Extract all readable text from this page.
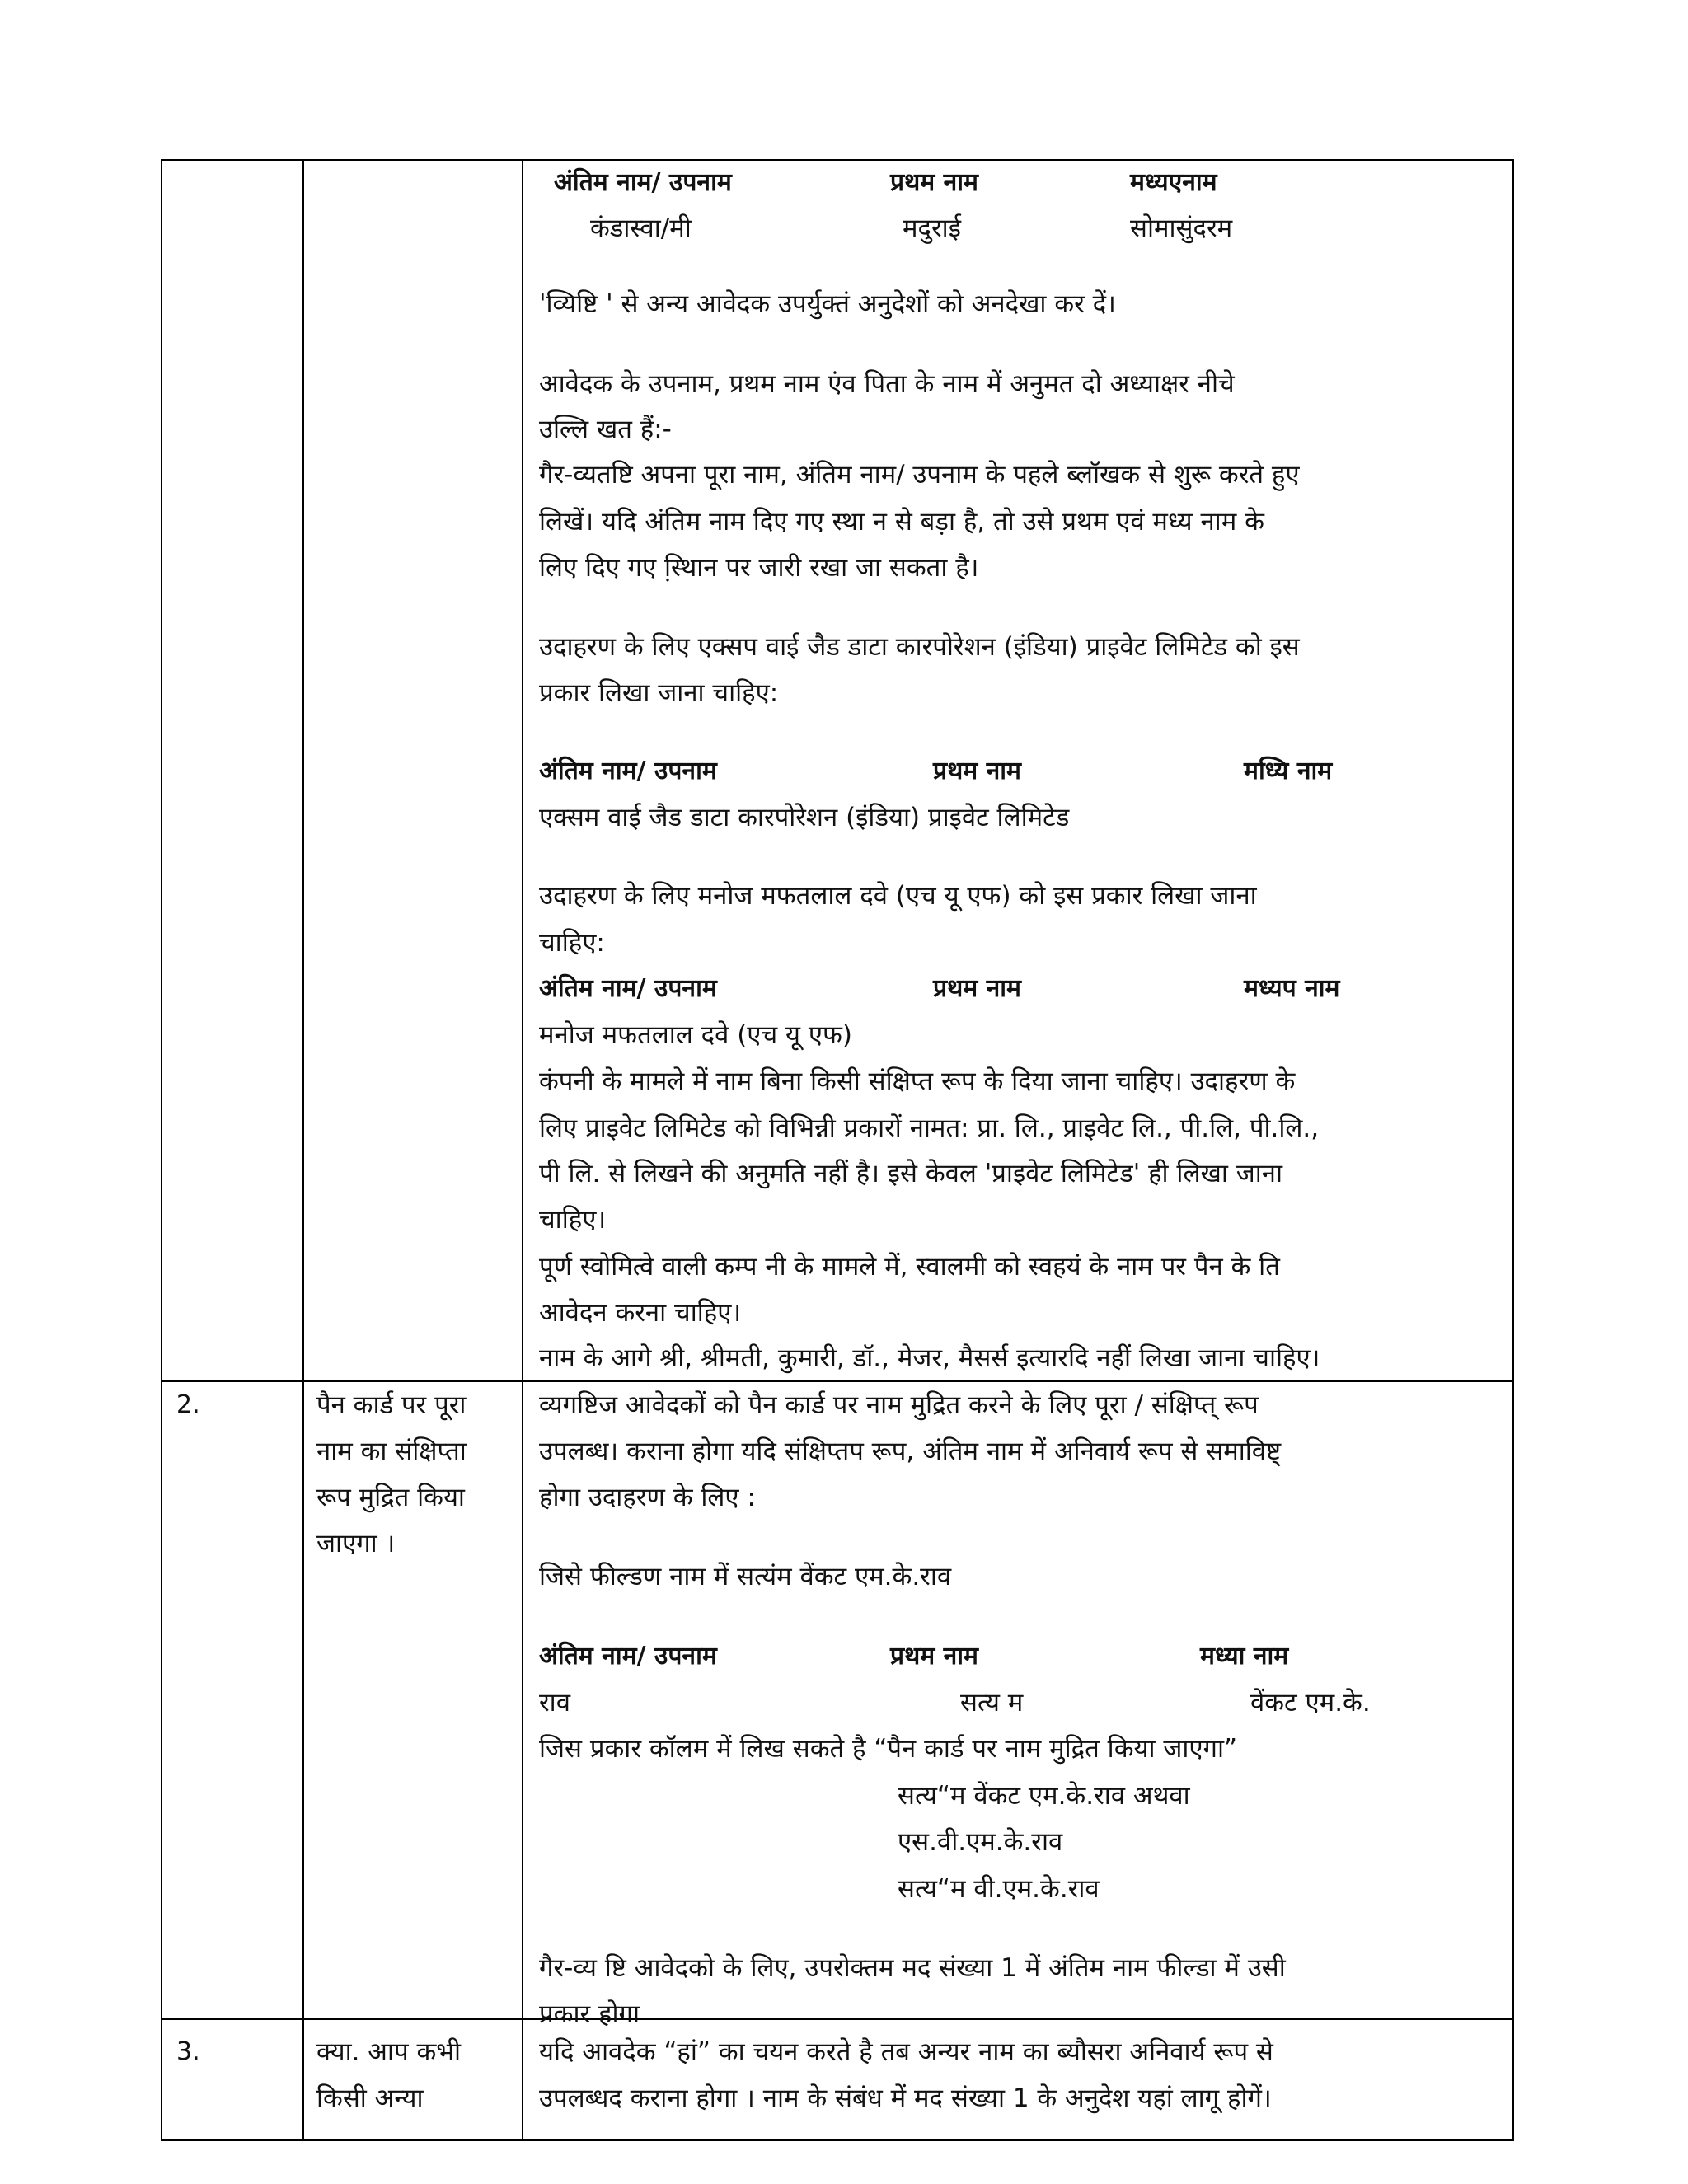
अंतिम नाम/ उपनाम	प्रथम नाम	मध्यएनाम
कंडास्वा/मी	मदुराई	सोमासुंदरम
'व्यिष्टि ' से अन्य आवेदक उपर्युक्तं अनुदेशों को अनदेखा कर दें।
आवेदक के उपनाम, प्रथम नाम एंव पिता के नाम में अनुमत दो अध्याक्षर नीचे
उल्लि खत हैं:-
गैर-व्यतष्टि अपना पूरा नाम, अंतिम नाम/ उपनाम के पहले ब्लॉखक से शुरू करते हुए
लिखें। यदि अंतिम नाम दिए गए स्था न से बड़ा है, तो उसे प्रथम एवं मध्य नाम के
लिए दिए गए स्थाि़न पर जारी रखा जा सकता है।
उदाहरण के लिए एक्सप वाई जैड डाटा कारपोरेशन (इंडिया) प्राइवेट लिमिटेड को इस
प्रकार लिखा जाना चाहिए:
अंतिम नाम/ उपनाम	प्रथम नाम	मध्यि नाम
एक्सम वाई जैड डाटा कारपोरेशन (इंडिया) प्राइवेट लिमिटेड
उदाहरण के लिए मनोज मफतलाल दवे (एच यू एफ) को इस प्रकार लिखा जाना
चाहिए:
अंतिम नाम/ उपनाम	प्रथम नाम	मध्यप नाम
मनोज मफतलाल दवे (एच यू एफ)
कंपनी के मामले में नाम बिना किसी संक्षिप्त रूप के दिया जाना चाहिए। उदाहरण के
लिए प्राइवेट लिमिटेड को विभिन्नी प्रकारों नामत: प्रा. लि., प्राइवेट लि., पी.लि, पी.लि.,
पी लि. से लिखने की अनुमति नहीं है। इसे केवल 'प्राइवेट लिमिटेड' ही लिखा जाना
चाहिए।
पूर्ण स्वाेमित्वे वाली कम्प नी के मामले में, स्वालमी को स्वहयं के नाम पर पैन के ति
आवेदन करना चाहिए।
नाम के आगे श्री, श्रीमती, कुमारी, डॉ., मेजर, मैसर्स इत्यारदि नहीं लिखा जाना चाहिए।
2.	पैन कार्ड पर पूरा
नाम का संक्षिप्ता
रूप मुद्रित किया
जाएगा ।
व्यगष्टिज आवेदकों को पैन कार्ड पर नाम मुद्रित करने के लिए पूरा / संक्षिप्त् रूप
उपलब्ध। कराना होगा यदि संक्षिप्तप रूप, अंतिम नाम में अनिवार्य रूप से समाविष्ट्
होगा उदाहरण के लिए :
जिसे फील्डण नाम में सत्यंम वेंकट एम.के.राव
अंतिम नाम/ उपनाम	प्रथम नाम	मध्या नाम
राव	सत्य म	वेंकट एम.के.
जिस प्रकार कॉलम में लिख सकते है “पैन कार्ड पर नाम मुद्रित किया जाएगा”
सत्य“म वेंकट एम.के.राव अथवा
एस.वी.एम.के.राव
सत्य“म वी.एम.के.राव
गैर-व्य ष्टि आवेदको के लिए, उपरोक्तम मद संख्या 1 में अंतिम नाम फील्डा में उसी
प्रकार होगा
3.	क्या. आप कभी
किसी अन्या
यदि आवदेक “हां” का चयन करते है तब अन्यर नाम का ब्यौसरा अनिवार्य रूप से
उपलब्धद कराना होगा । नाम के संबंध में मद संख्या 1 के अनुदेश यहां लागू होगें।
